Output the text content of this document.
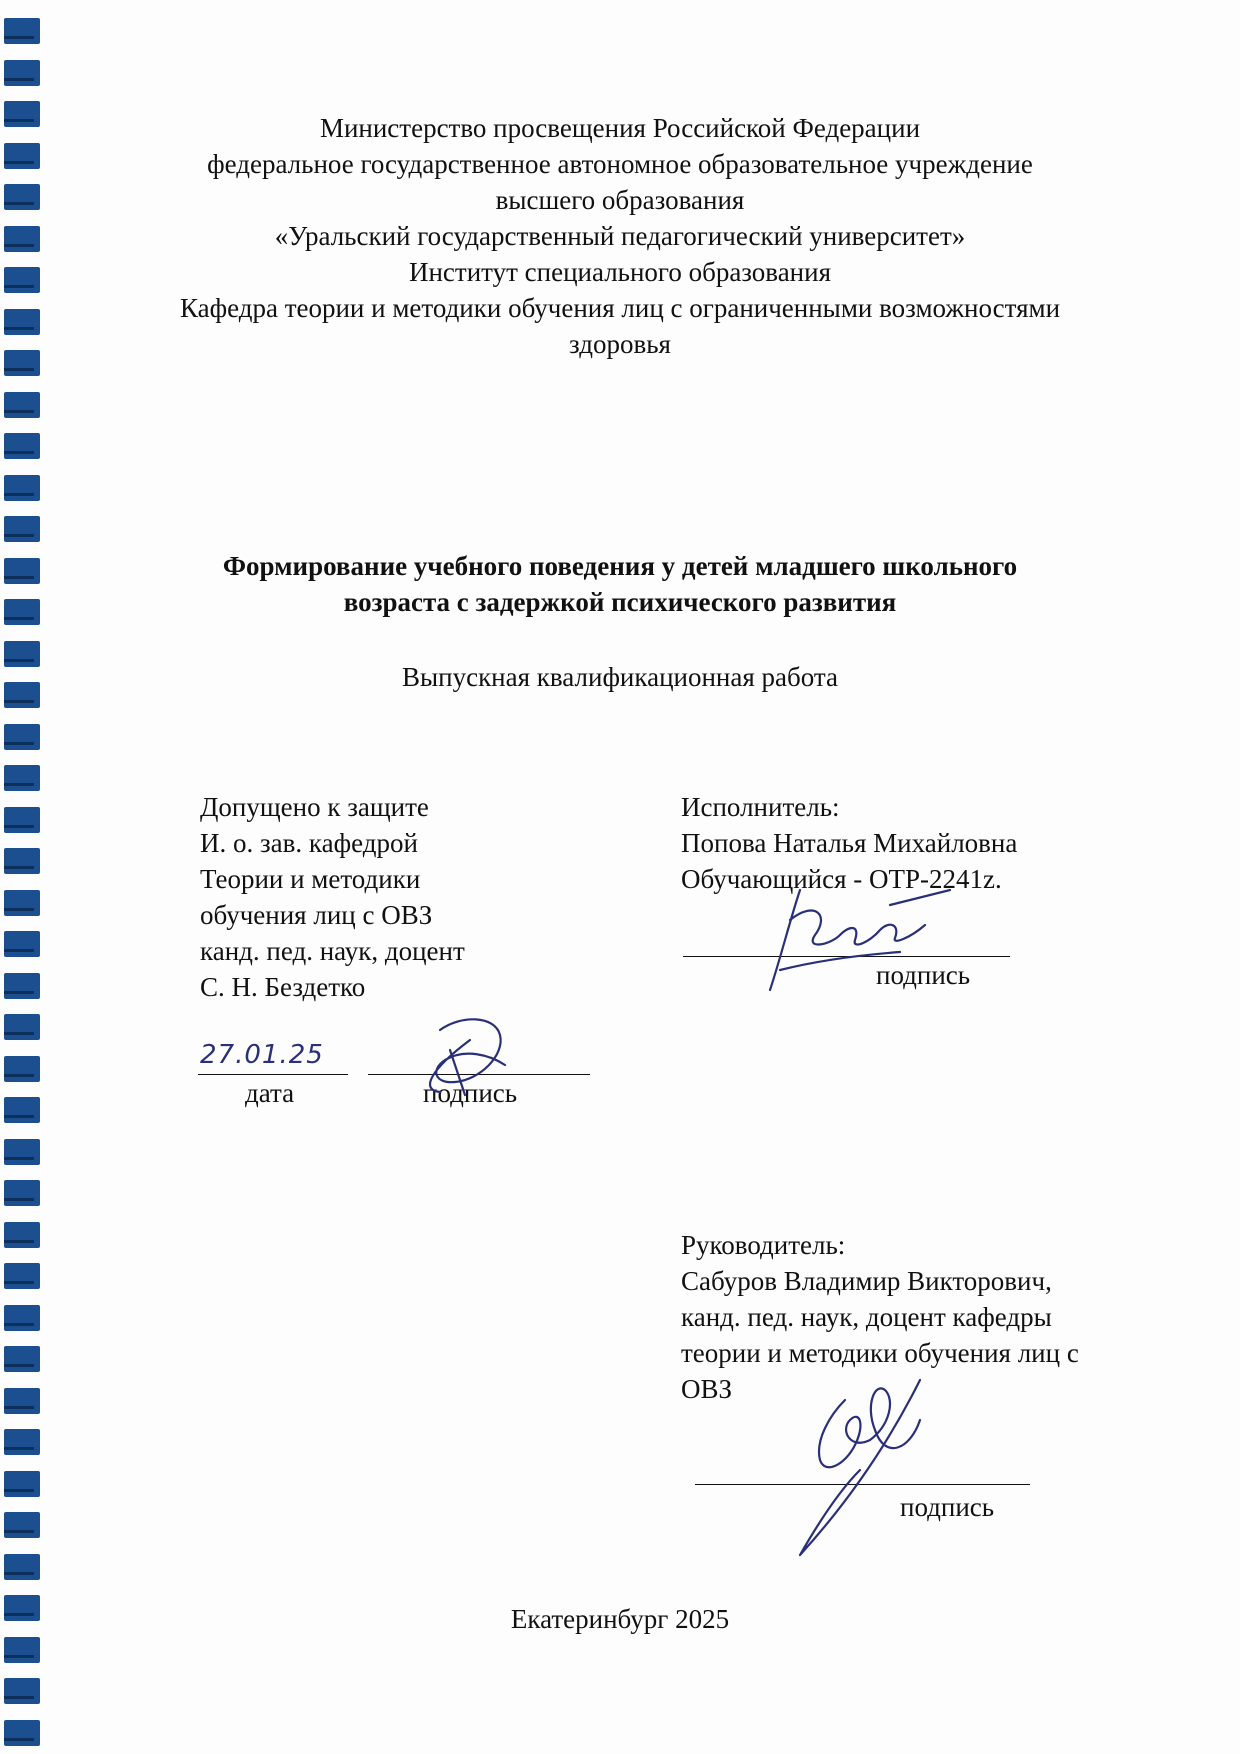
Министерство просвещения Российской Федерации
федеральное государственное автономное образовательное учреждение
высшего образования
«Уральский государственный педагогический университет»
Институт специального образования
Кафедра теории и методики обучения лиц с ограниченными возможностями
здоровья
Формирование учебного поведения у детей младшего школьного
возраста с задержкой психического развития
Выпускная квалификационная работа
Допущено к защите
И. о. зав. кафедрой
Теории и методики
обучения лиц с ОВЗ
канд. пед. наук, доцент
С. Н. Бездетко
27.01.25
дата	подпись
Исполнитель:
Попова Наталья Михайловна
Обучающийся - ОТР-2241z.
подпись
Руководитель:
Сабуров Владимир Викторович,
канд. пед. наук, доцент кафедры
теории и методики обучения лиц с
ОВЗ
подпись
Екатеринбург 2025
